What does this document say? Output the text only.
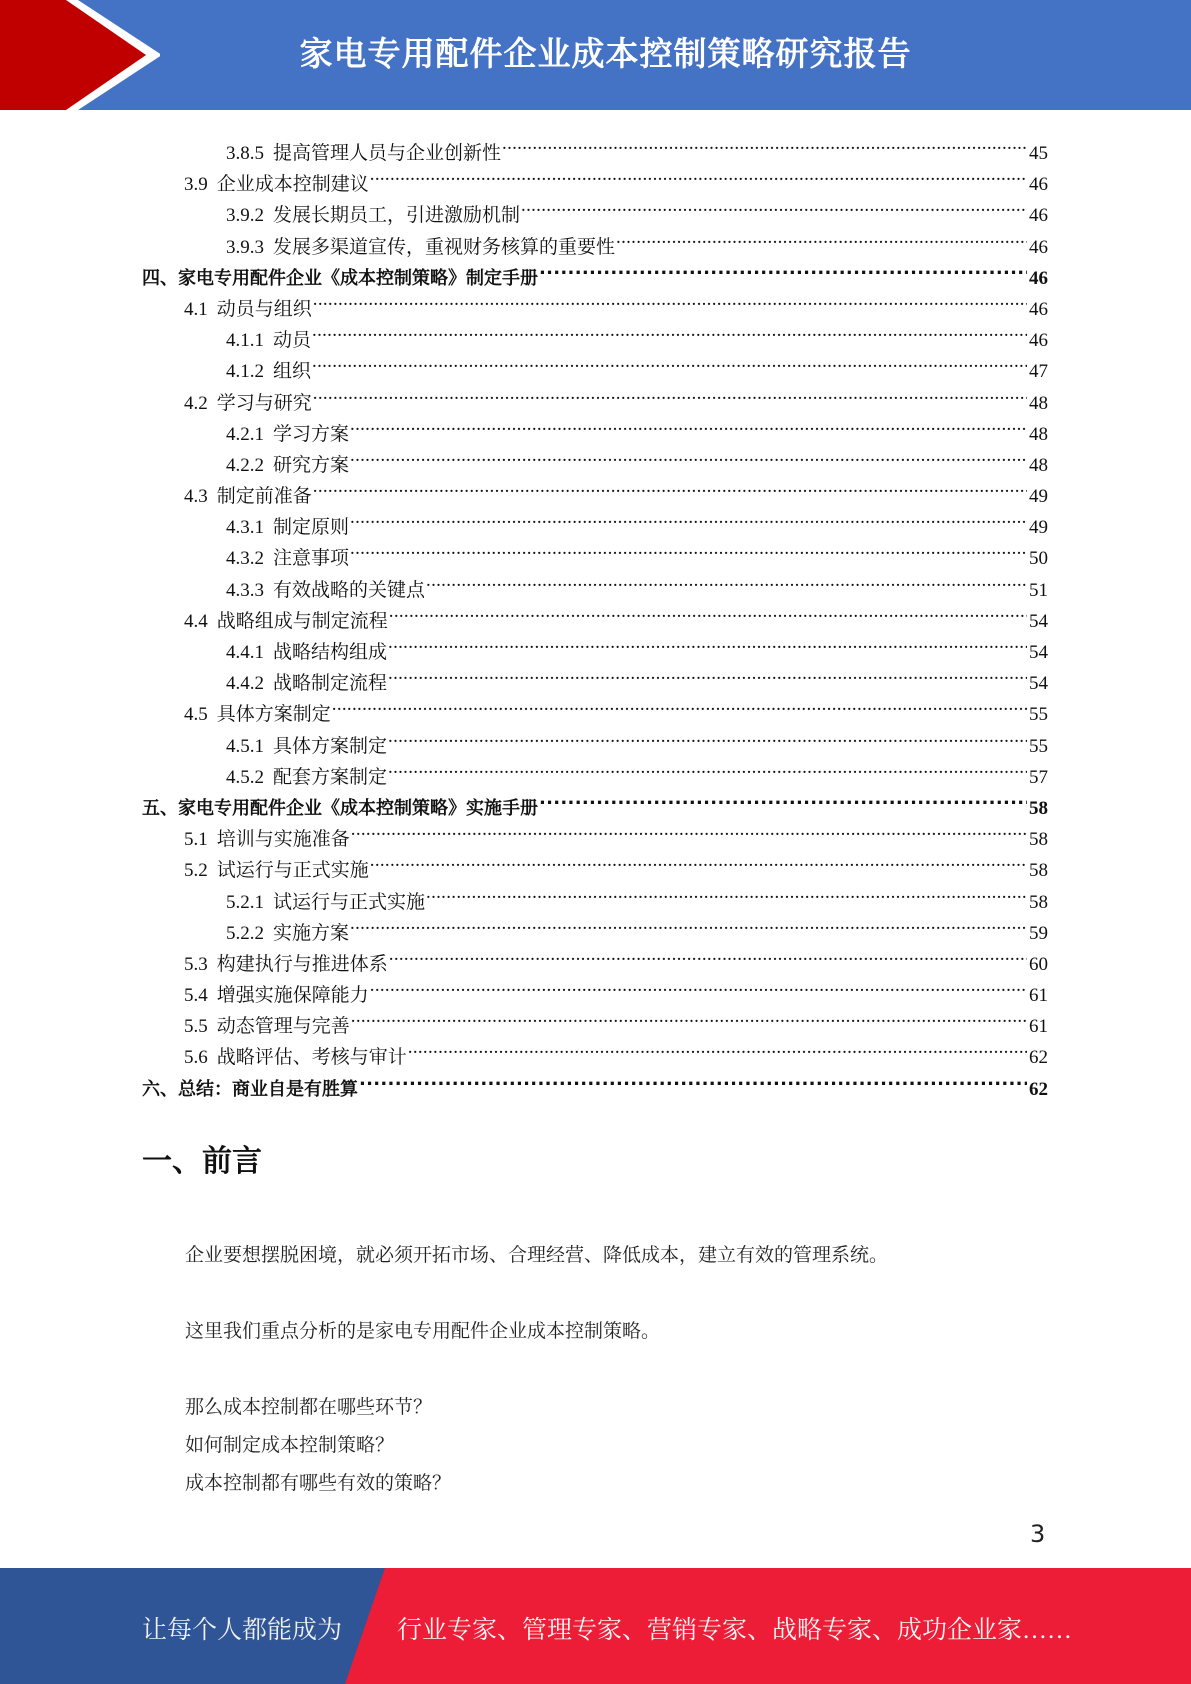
家电专用配件企业成本控制策略研究报告
3.8.5 提高管理人员与企业创新性 .....	45
3.9 企业成本控制建议 .....	46
3.9.2 发展长期员工，引进激励机制 .....	46
3.9.3 发展多渠道宣传，重视财务核算的重要性 .....	46
四、 家电专用配件企业《成本控制策略》制定手册 .....	46
4.1 动员与组织 .....	46
4.1.1 动员 .....	46
4.1.2 组织 .....	47
4.2 学习与研究 .....	48
4.2.1 学习方案 .....	48
4.2.2 研究方案 .....	48
4.3 制定前准备 .....	49
4.3.1 制定原则 .....	49
4.3.2 注意事项 .....	50
4.3.3 有效战略的关键点 .....	51
4.4 战略组成与制定流程 .....	54
4.4.1 战略结构组成 .....	54
4.4.2 战略制定流程 .....	54
4.5 具体方案制定 .....	55
4.5.1 具体方案制定 .....	55
4.5.2 配套方案制定 .....	57
五、 家电专用配件企业《成本控制策略》实施手册 .....	58
5.1 培训与实施准备 .....	58
5.2 试运行与正式实施 .....	58
5.2.1 试运行与正式实施 .....	58
5.2.2 实施方案 .....	59
5.3 构建执行与推进体系 .....	60
5.4 增强实施保障能力 .....	61
5.5 动态管理与完善 .....	61
5.6 战略评估、考核与审计 .....	62
六、 总结：商业自是有胜算 .....	62
一、前言
企业要想摆脱困境，就必须开拓市场、合理经营、降低成本，建立有效的管理系统。
这里我们重点分析的是家电专用配件企业成本控制策略。
那么成本控制都在哪些环节？
如何制定成本控制策略？
成本控制都有哪些有效的策略？
3
让每个人都能成为 行业专家、管理专家、营销专家、战略专家、成功企业家……
